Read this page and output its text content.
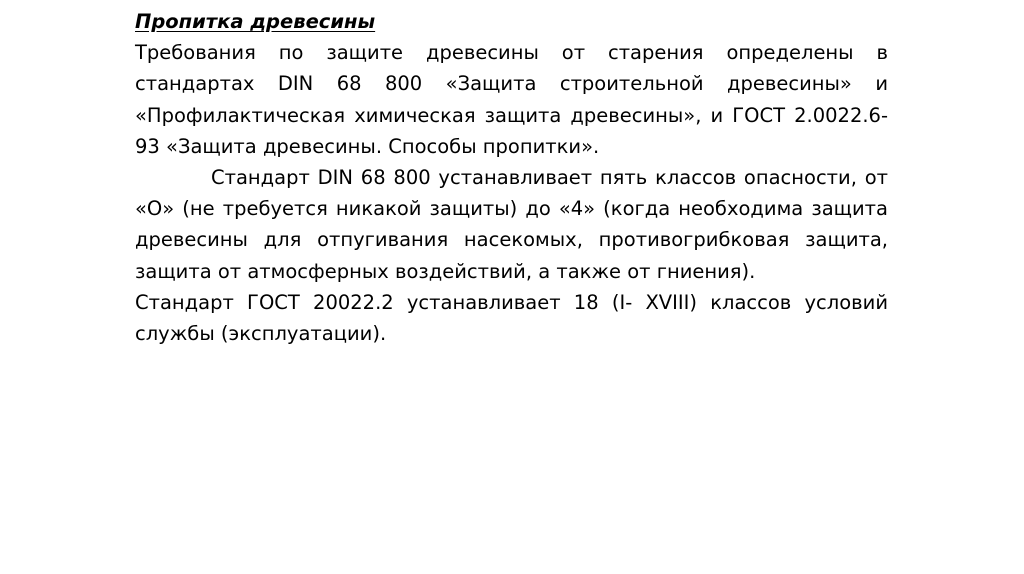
Пропитка древесины

Требования по защите древесины от старения определены в стандартах DIN 68 800 «Защита строительной древесины» и «Профилактическая химическая защита древесины», и ГОСТ 2.0022.6-93 «Защита древесины. Способы пропитки».

Стандарт DIN 68 800 устанавливает пять классов опасности, от «О» (не требуется никакой защиты) до «4» (когда необходима защита древесины для отпугивания насекомых, противогрибковая защита, защита от атмосферных воздействий, а также от гниения).

Стандарт ГОСТ 20022.2 устанавливает 18 (I- XVIII) классов условий службы (эксплуатации).
